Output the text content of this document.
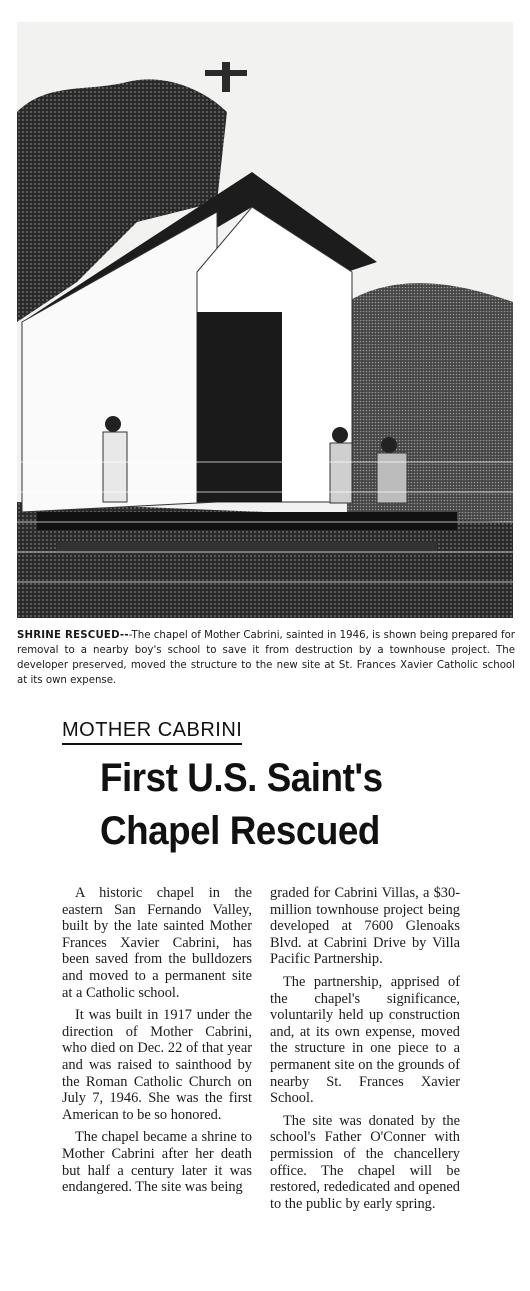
SHRINE RESCUED---The chapel of Mother Cabrini, sainted in 1946, is shown being prepared for removal to a nearby boy's school to save it from destruction by a townhouse project. The developer preserved, moved the structure to the new site at St. Frances Xavier Catholic school at its own expense.
MOTHER CABRINI
First U.S. Saint's
Chapel Rescued

A historic chapel in the eastern San Fernando Valley, built by the late sainted Mother Frances Xavier Cabrini, has been saved from the bulldozers and moved to a permanent site at a Catholic school.

It was built in 1917 under the direction of Mother Cabrini, who died on Dec. 22 of that year and was raised to sainthood by the Roman Catholic Church on July 7, 1946. She was the first American to be so honored.

The chapel became a shrine to Mother Cabrini after her death but half a century later it was endangered. The site was being

graded for Cabrini Villas, a $30-million townhouse project being developed at 7600 Glenoaks Blvd. at Cabrini Drive by Villa Pacific Partnership.

The partnership, apprised of the chapel's significance, voluntarily held up construction and, at its own expense, moved the structure in one piece to a permanent site on the grounds of nearby St. Frances Xavier School.

The site was donated by the school's Father O'Conner with permission of the chancellery office. The chapel will be restored, rededicated and opened to the public by early spring.
